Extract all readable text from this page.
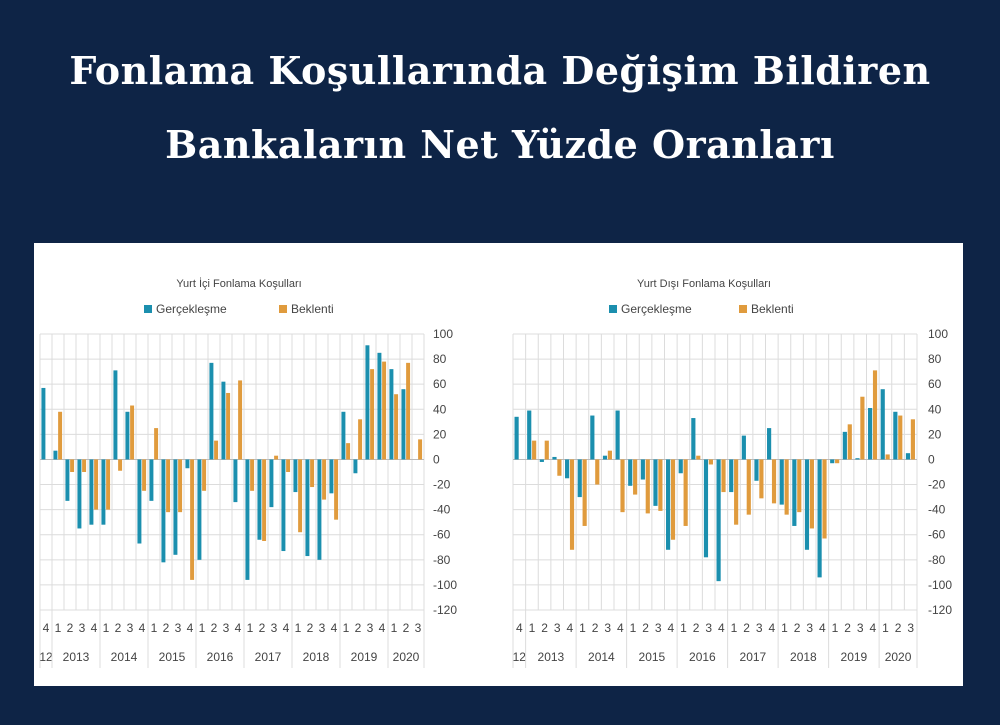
Fonlama Koşullarında Değişim Bildiren
Bankaların Net Yüzde Oranları
Yurt İçi Fonlama Koşulları
Gerçekleşme	Beklenti
100
80
60
40
20
0
-20
-40
-60
-80
-100
-120
4 1 2 3 4 1 2 3 4 1 2 3 4 1 2 3 4 1 2 3 4 1 2 3 4 1 2 3 4 1 2 3
12 2013 2014 2015 2016 2017 2018 2019 2020
Yurt Dışı Fonlama Koşulları
Gerçekleşme	Beklenti
100
80
60
40
20
0
-20
-40
-60
-80
-100
-120
4 1 2 3 4 1 2 3 4 1 2 3 4 1 2 3 4 1 2 3 4 1 2 3 4 1 2 3 4 1 2 3
12 2013 2014 2015 2016 2017 2018 2019 2020
